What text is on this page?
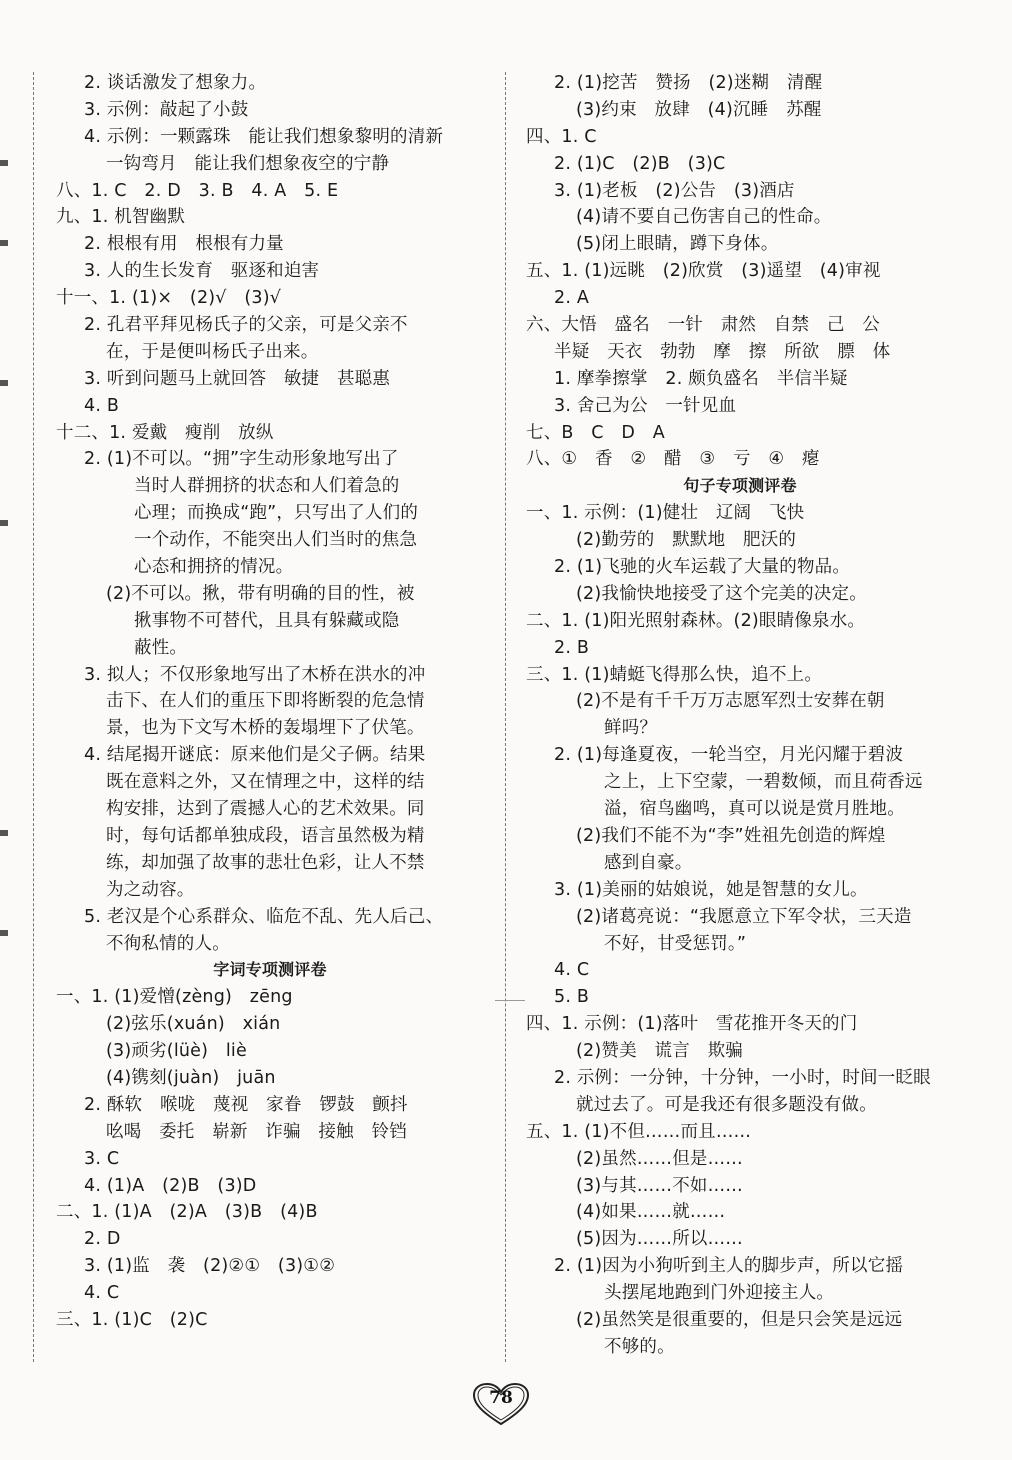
2. 谈话激发了想象力。
3. 示例：敲起了小鼓
4. 示例：一颗露珠　能让我们想象黎明的清新
一钩弯月　能让我们想象夜空的宁静
八、1. C　2. D　3. B　4. A　5. E
九、1. 机智幽默
2. 根根有用　根根有力量
3. 人的生长发育　驱逐和迫害
十一、1. (1)×　(2)√　(3)√
2. 孔君平拜见杨氏子的父亲，可是父亲不
在，于是便叫杨氏子出来。
3. 听到问题马上就回答　敏捷　甚聪惠
4. B
十二、1. 爱戴　瘦削　放纵
2. (1)不可以。“拥”字生动形象地写出了
当时人群拥挤的状态和人们着急的
心理；而换成“跑”，只写出了人们的
一个动作，不能突出人们当时的焦急
心态和拥挤的情况。
(2)不可以。揪，带有明确的目的性，被
揪事物不可替代，且具有躲藏或隐
蔽性。
3. 拟人；不仅形象地写出了木桥在洪水的冲
击下、在人们的重压下即将断裂的危急情
景，也为下文写木桥的轰塌埋下了伏笔。
4. 结尾揭开谜底：原来他们是父子俩。结果
既在意料之外，又在情理之中，这样的结
构安排，达到了震撼人心的艺术效果。同
时，每句话都单独成段，语言虽然极为精
练，却加强了故事的悲壮色彩，让人不禁
为之动容。
5. 老汉是个心系群众、临危不乱、先人后己、
不徇私情的人。
字词专项测评卷
一、1. (1)爱憎(zèng)　zēng
(2)弦乐(xuán)　xián
(3)顽劣(lüè)　liè
(4)镌刻(juàn)　juān
2. 酥软　喉咙　蔑视　家眷　锣鼓　颤抖
吆喝　委托　崭新　诈骗　接触　铃铛
3. C
4. (1)A　(2)B　(3)D
二、1. (1)A　(2)A　(3)B　(4)B
2. D
3. (1)监　袭　(2)②①　(3)①②
4. C
三、1. (1)C　(2)C
2. (1)挖苦　赞扬　(2)迷糊　清醒
(3)约束　放肆　(4)沉睡　苏醒
四、1. C
2. (1)C　(2)B　(3)C
3. (1)老板　(2)公告　(3)酒店
(4)请不要自己伤害自己的性命。
(5)闭上眼睛，蹲下身体。
五、1. (1)远眺　(2)欣赏　(3)遥望　(4)审视
2. A
六、大悟　盛名　一针　肃然　自禁　己　公
半疑　天衣　勃勃　摩　擦　所欲　膘　体
1. 摩拳擦掌　2. 颇负盛名　半信半疑
3. 舍己为公　一针见血
七、B　C　D　A
八、①　香　②　醋　③　亏　④　瘪
句子专项测评卷
一、1. 示例：(1)健壮　辽阔　飞快
(2)勤劳的　默默地　肥沃的
2. (1)飞驰的火车运载了大量的物品。
(2)我愉快地接受了这个完美的决定。
二、1. (1)阳光照射森林。(2)眼睛像泉水。
2. B
三、1. (1)蜻蜓飞得那么快，追不上。
(2)不是有千千万万志愿军烈士安葬在朝
鲜吗？
2. (1)每逢夏夜，一轮当空，月光闪耀于碧波
之上，上下空蒙，一碧数倾，而且荷香远
溢，宿鸟幽鸣，真可以说是赏月胜地。
(2)我们不能不为“李”姓祖先创造的辉煌
感到自豪。
3. (1)美丽的姑娘说，她是智慧的女儿。
(2)诸葛亮说：“我愿意立下军令状，三天造
不好，甘受惩罚。”
4. C
5. B
四、1. 示例：(1)落叶　雪花推开冬天的门
(2)赞美　谎言　欺骗
2. 示例：一分钟，十分钟，一小时，时间一眨眼
就过去了。可是我还有很多题没有做。
五、1. (1)不但……而且……
(2)虽然……但是……
(3)与其……不如……
(4)如果……就……
(5)因为……所以……
2. (1)因为小狗听到主人的脚步声，所以它摇
头摆尾地跑到门外迎接主人。
(2)虽然笑是很重要的，但是只会笑是远远
不够的。
78
